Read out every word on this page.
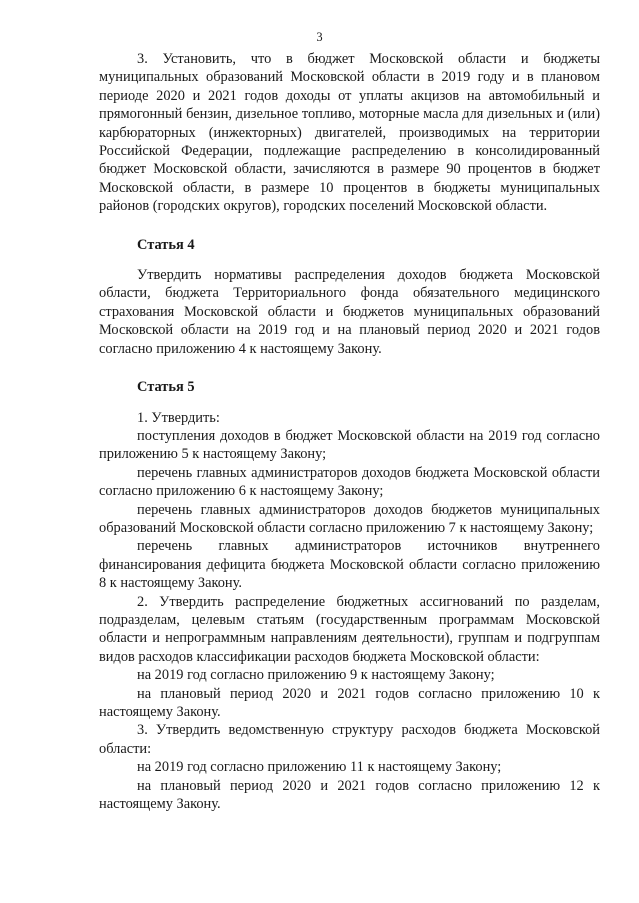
3

3. Установить, что в бюджет Московской области и бюджеты муниципальных образований Московской области в 2019 году и в плановом периоде 2020 и 2021 годов доходы от уплаты акцизов на автомобильный и прямогонный бензин, дизельное топливо, моторные масла для дизельных и (или) карбюраторных (инжекторных) двигателей, производимых на территории Российской Федерации, подлежащие распределению в консолидированный бюджет Московской области, зачисляются в размере 90 процентов в бюджет Московской области, в размере 10 процентов в бюджеты муниципальных районов (городских округов), городских поселений Московской области.

Статья 4

Утвердить нормативы распределения доходов бюджета Московской области, бюджета Территориального фонда обязательного медицинского страхования Московской области и бюджетов муниципальных образований Московской области на 2019 год и на плановый период 2020 и 2021 годов согласно приложению 4 к настоящему Закону.

Статья 5

1. Утвердить:

поступления доходов в бюджет Московской области на 2019 год согласно приложению 5 к настоящему Закону;

перечень главных администраторов доходов бюджета Московской области согласно приложению 6 к настоящему Закону;

перечень главных администраторов доходов бюджетов муниципальных образований Московской области согласно приложению 7 к настоящему Закону;

перечень главных администраторов источников внутреннего финансирования дефицита бюджета Московской области согласно приложению 8 к настоящему Закону.

2. Утвердить распределение бюджетных ассигнований по разделам, подразделам, целевым статьям (государственным программам Московской области и непрограммным направлениям деятельности), группам и подгруппам видов расходов классификации расходов бюджета Московской области:

на 2019 год согласно приложению 9 к настоящему Закону;

на плановый период 2020 и 2021 годов согласно приложению 10 к настоящему Закону.

3. Утвердить ведомственную структуру расходов бюджета Московской области:

на 2019 год согласно приложению 11 к настоящему Закону;

на плановый период 2020 и 2021 годов согласно приложению 12 к настоящему Закону.
